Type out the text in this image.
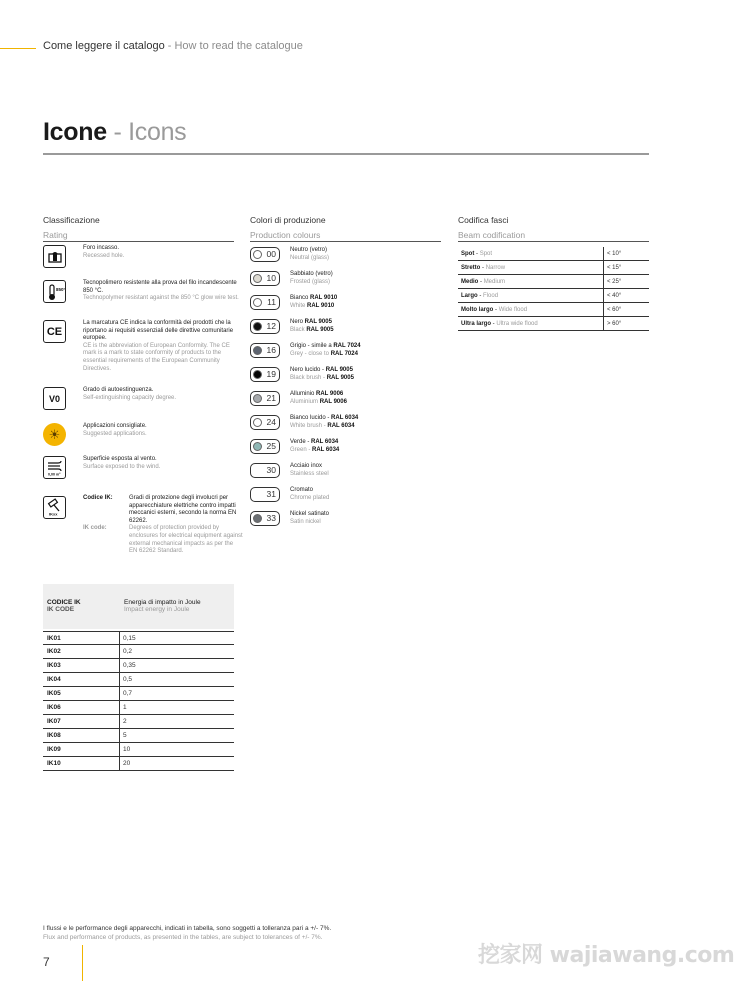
Come leggere il catalogo - How to read the catalogue
Icone - Icons
Classificazione
Rating
Foro incasso.
Recessed hole.
850°
Tecnopolimero resistente alla prova del filo incandescente 850 °C.
Technopolymer resistant against the 850 °C glow wire test.
CE
La marcatura CE indica la conformità dei prodotti che la riportano ai requisiti essenziali delle direttive comunitarie europee.
CE is the abbreviation of European Conformity. The CE mark is a mark to state conformity of products to the essential requirements of the European Community Directives.
V0
Grado di autoestinguenza.
Self-extinguishing capacity degree.
☀
Applicazioni consigliate.
Suggested applications.
0,00 m²
Superficie esposta al vento.
Surface exposed to the wind.
IKxx
Codice IK:	Gradi di protezione degli involucri per apparecchiature elettriche contro impatti meccanici esterni, secondo la norma EN 62262.
IK code:	Degrees of protection provided by enclosures for electrical equipment against external mechanical impacts as per the EN 62262 Standard.
CODICE IK
IK CODE
Energia di impatto in Joule
Impact energy in Joule
IK01	0,15
IK02	0,2
IK03	0,35
IK04	0,5
IK05	0,7
IK06	1
IK07	2
IK08	5
IK09	10
IK10	20
Colori di produzione
Production colours
00 Neutro (vetro)
Neutral (glass)
10 Sabbiato (vetro)
Frosted (glass)
11 Bianco RAL 9010
White RAL 9010
12 Nero RAL 9005
Black RAL 9005
16 Grigio - simile a RAL 7024
Grey - close to RAL 7024
19 Nero lucido - RAL 9005
Black brush - RAL 9005
21 Alluminio RAL 9006
Aluminium RAL 9006
24 Bianco lucido - RAL 6034
White brush - RAL 6034
25 Verde - RAL 6034
Green - RAL 6034
30 Acciaio inox
Stainless steel
31 Cromato
Chrome plated
33 Nickel satinato
Satin nickel
Codifica fasci
Beam codification
Spot - Spot	< 10°
Stretto - Narrow	< 15°
Medio - Medium	< 25°
Largo - Flood	< 40°
Molto largo - Wide flood	< 60°
Ultra largo - Ultra wide flood	> 60°
I flussi e le performance degli apparecchi, indicati in tabella, sono soggetti a tolleranza pari a +/- 7%.
Flux and performance of products, as presented in the tables, are subject to tolerances of +/- 7%.
7	挖家网 wajiawang.com
